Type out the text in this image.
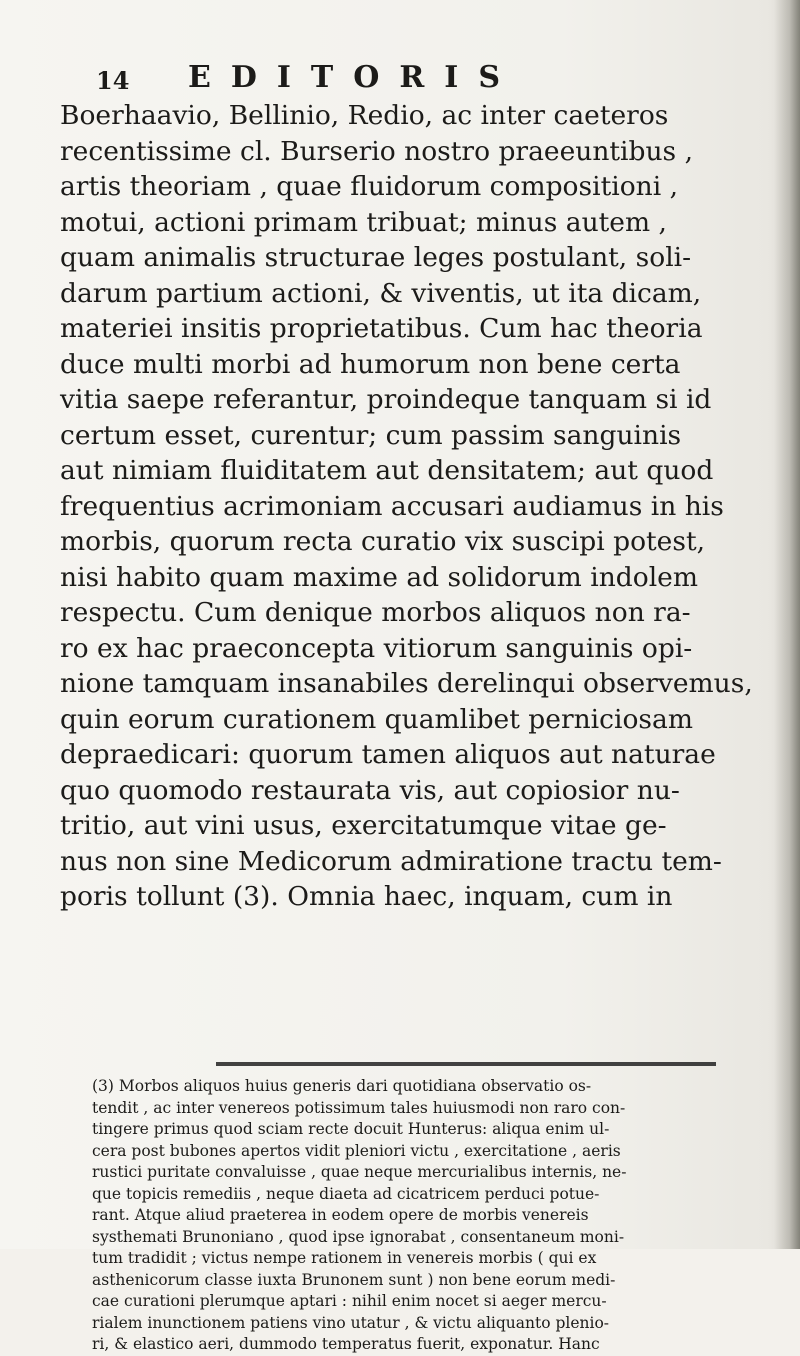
14 EDITORIS
Boerhaavio, Bellinio, Redio, ac inter caeteros
recentissime cl. Burserio nostro praeeuntibus ,
artis theoriam , quae fluidorum compositioni ,
motui, actioni primam tribuat; minus autem ,
quam animalis structurae leges postulant, soli-
darum partium actioni, & viventis, ut ita dicam,
materiei insitis proprietatibus. Cum hac theoria
duce multi morbi ad humorum non bene certa
vitia saepe referantur, proindeque tanquam si id
certum esset, curentur; cum passim sanguinis
aut nimiam fluiditatem aut densitatem; aut quod
frequentius acrimoniam accusari audiamus in his
morbis, quorum recta curatio vix suscipi potest,
nisi habito quam maxime ad solidorum indolem
respectu. Cum denique morbos aliquos non ra-
ro ex hac praeconcepta vitiorum sanguinis opi-
nione tamquam insanabiles derelinqui observemus,
quin eorum curationem quamlibet perniciosam
depraedicari: quorum tamen aliquos aut naturae
quo quomodo restaurata vis, aut copiosior nu-
tritio, aut vini usus, exercitatumque vitae ge-
nus non sine Medicorum admiratione tractu tem-
poris tollunt (3). Omnia haec, inquam, cum in
(3) Morbos aliquos huius generis dari quotidiana observatio os-
tendit , ac inter venereos potissimum tales huiusmodi non raro con-
tingere primus quod sciam recte docuit Hunterus: aliqua enim ul-
cera post bubones apertos vidit pleniori victu , exercitatione , aeris
rustici puritate convaluisse , quae neque mercurialibus internis, ne-
que topicis remediis , neque diaeta ad cicatricem perduci potue-
rant. Atque aliud praeterea in eodem opere de morbis venereis
systhemati Brunoniano , quod ipse ignorabat , consentaneum moni-
tum tradidit ; victus nempe rationem in venereis morbis ( qui ex
asthenicorum classe iuxta Brunonem sunt ) non bene eorum medi-
cae curationi plerumque aptari : nihil enim nocet si aeger mercu-
rialem inunctionem patiens vino utatur , & victu aliquanto plenio-
ri, & elastico aeri, dummodo temperatus fuerit, exponatur. Hanc
